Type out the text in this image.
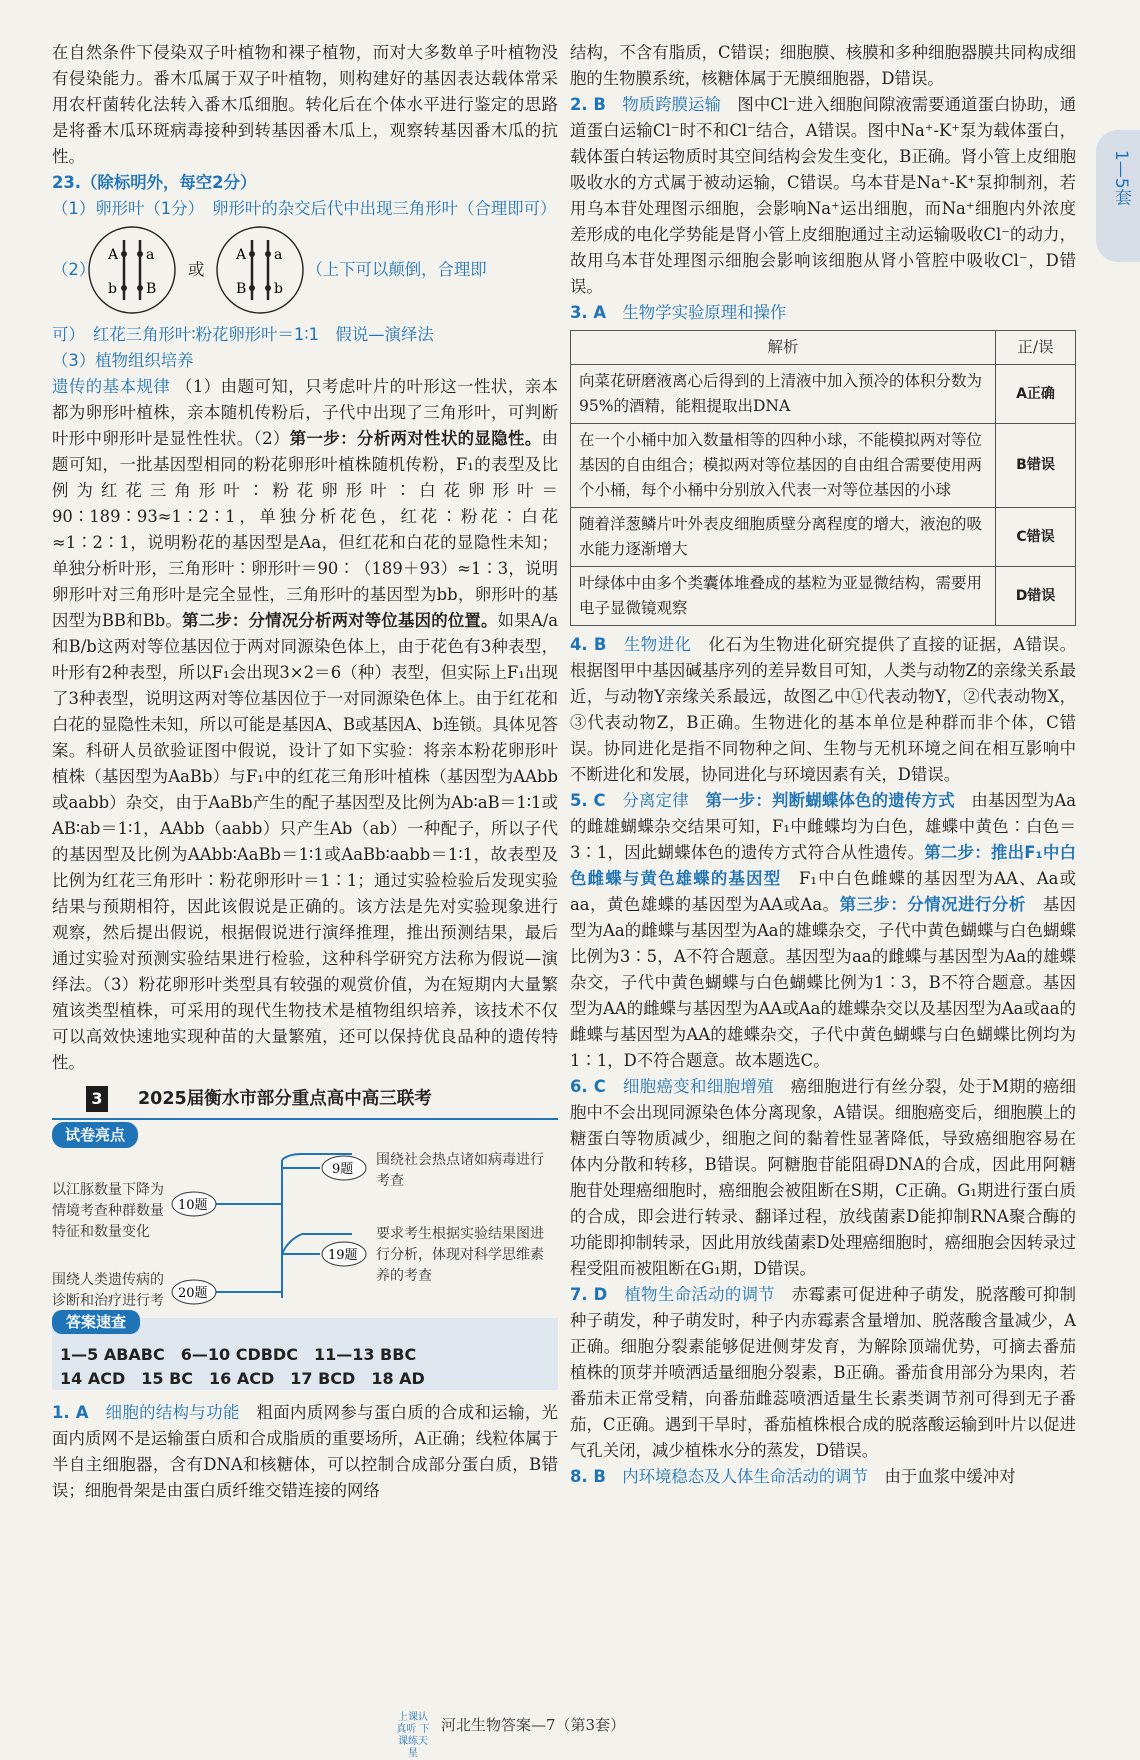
1—5套

在自然条件下侵染双子叶植物和裸子植物，而对大多数单子叶植物没有侵染能力。番木瓜属于双子叶植物，则构建好的基因表达载体常采用农杆菌转化法转入番木瓜细胞。转化后在个体水平进行鉴定的思路是将番木瓜环斑病毒接种到转基因番木瓜上，观察转基因番木瓜的抗性。

23.（除标明外，每空2分）

（1）卵形叶（1分）　卵形叶的杂交后代中出现三角形叶（合理即可）

（2）
A a
b B
或
A a
B b
（上下可以颠倒，合理即

可）　红花三角形叶∶粉花卵形叶＝1∶1　假说—演绎法

（3）植物组织培养

遗传的基本规律 （1）由题可知，只考虑叶片的叶形这一性状，亲本都为卵形叶植株，亲本随机传粉后，子代中出现了三角形叶，可判断叶形中卵形叶是显性性状。（2）第一步：分析两对性状的显隐性。由题可知，一批基因型相同的粉花卵形叶植株随机传粉，F₁的表型及比例为红花三角形叶∶粉花卵形叶∶白花卵形叶＝90∶189∶93≈1∶2∶1，单独分析花色，红花∶粉花∶白花≈1∶2∶1，说明粉花的基因型是Aa，但红花和白花的显隐性未知；单独分析叶形，三角形叶∶卵形叶＝90∶（189＋93）≈1∶3，说明卵形叶对三角形叶是完全显性，三角形叶的基因型为bb，卵形叶的基因型为BB和Bb。第二步：分情况分析两对等位基因的位置。如果A/a和B/b这两对等位基因位于两对同源染色体上，由于花色有3种表型，叶形有2种表型，所以F₁会出现3×2＝6（种）表型，但实际上F₁出现了3种表型，说明这两对等位基因位于一对同源染色体上。由于红花和白花的显隐性未知，所以可能是基因A、B或基因A、b连锁。具体见答案。科研人员欲验证图中假说，设计了如下实验：将亲本粉花卵形叶植株（基因型为AaBb）与F₁中的红花三角形叶植株（基因型为AAbb或aabb）杂交，由于AaBb产生的配子基因型及比例为Ab∶aB＝1∶1或AB∶ab＝1∶1，AAbb（aabb）只产生Ab（ab）一种配子，所以子代的基因型及比例为AAbb∶AaBb＝1∶1或AaBb∶aabb＝1∶1，故表型及比例为红花三角形叶∶粉花卵形叶＝1∶1；通过实验检验后发现实验结果与预期相符，因此该假说是正确的。该方法是先对实验现象进行观察，然后提出假说，根据假说进行演绎推理，推出预测结果，最后通过实验对预测实验结果进行检验，这种科学研究方法称为假说—演绎法。（3）粉花卵形叶类型具有较强的观赏价值，为在短期内大量繁殖该类型植株，可采用的现代生物技术是植物组织培养，该技术不仅可以高效快速地实现种苗的大量繁殖，还可以保持优良品种的遗传特性。

3	2025届衡水市部分重点高中高三联考
试卷亮点
9题
10题
19题
20题
围绕社会热点诸如病毒进行考查
以江豚数量下降为情境考查种群数量特征和数量变化	要求考生根据实验结果图进行分析，体现对科学思维素养的考查
围绕人类遗传病的诊断和治疗进行考
答案速查
1—5 ABABC　6—10 CDBDC　11—13 BBC
14 ACD　15 BC　16 ACD　17 BCD　18 AD

1. A　 细胞的结构与功能　 粗面内质网参与蛋白质的合成和运输，光面内质网不是运输蛋白质和合成脂质的重要场所，A正确；线粒体属于半自主细胞器，含有DNA和核糖体，可以控制合成部分蛋白质，B错误；细胞骨架是由蛋白质纤维交错连接的网络

结构，不含有脂质，C错误；细胞膜、核膜和多种细胞器膜共同构成细胞的生物膜系统，核糖体属于无膜细胞器，D错误。

2. B　 物质跨膜运输　 图中Cl⁻进入细胞间隙液需要通道蛋白协助，通道蛋白运输Cl⁻时不和Cl⁻结合，A错误。图中Na⁺-K⁺泵为载体蛋白，载体蛋白转运物质时其空间结构会发生变化，B正确。肾小管上皮细胞吸收水的方式属于被动运输，C错误。乌本苷是Na⁺-K⁺泵抑制剂，若用乌本苷处理图示细胞，会影响Na⁺运出细胞，而Na⁺细胞内外浓度差形成的电化学势能是肾小管上皮细胞通过主动运输吸收Cl⁻的动力，故用乌本苷处理图示细胞会影响该细胞从肾小管腔中吸收Cl⁻，D错误。

3. A　 生物学实验原理和操作

解析	正/误
向菜花研磨液离心后得到的上清液中加入预冷的体积分数为95%的酒精，能粗提取出DNA	A正确
在一个小桶中加入数量相等的四种小球，不能模拟两对等位基因的自由组合；模拟两对等位基因的自由组合需要使用两个小桶，每个小桶中分别放入代表一对等位基因的小球	B错误
随着洋葱鳞片叶外表皮细胞质壁分离程度的增大，液泡的吸水能力逐渐增大	C错误
叶绿体中由多个类囊体堆叠成的基粒为亚显微结构，需要用电子显微镜观察	D错误

4. B　 生物进化　 化石为生物进化研究提供了直接的证据，A错误。根据图甲中基因碱基序列的差异数目可知，人类与动物Z的亲缘关系最近，与动物Y亲缘关系最远，故图乙中①代表动物Y，②代表动物X，③代表动物Z，B正确。生物进化的基本单位是种群而非个体，C错误。协同进化是指不同物种之间、生物与无机环境之间在相互影响中不断进化和发展，协同进化与环境因素有关，D错误。

5. C　 分离定律　 第一步：判断蝴蝶体色的遗传方式　 由基因型为Aa的雌雄蝴蝶杂交结果可知，F₁中雌蝶均为白色，雄蝶中黄色∶白色＝3∶1，因此蝴蝶体色的遗传方式符合从性遗传。第二步：推出F₁中白色雌蝶与黄色雄蝶的基因型　 F₁中白色雌蝶的基因型为AA、Aa或aa，黄色雄蝶的基因型为AA或Aa。第三步：分情况进行分析　 基因型为Aa的雌蝶与基因型为Aa的雄蝶杂交，子代中黄色蝴蝶与白色蝴蝶比例为3∶5，A不符合题意。基因型为aa的雌蝶与基因型为Aa的雄蝶杂交，子代中黄色蝴蝶与白色蝴蝶比例为1∶3，B不符合题意。基因型为AA的雌蝶与基因型为AA或Aa的雄蝶杂交以及基因型为Aa或aa的雌蝶与基因型为AA的雄蝶杂交，子代中黄色蝴蝶与白色蝴蝶比例均为1∶1，D不符合题意。故本题选C。

6. C　 细胞癌变和细胞增殖　 癌细胞进行有丝分裂，处于M期的癌细胞中不会出现同源染色体分离现象，A错误。细胞癌变后，细胞膜上的糖蛋白等物质减少，细胞之间的黏着性显著降低，导致癌细胞容易在体内分散和转移，B错误。阿糖胞苷能阻碍DNA的合成，因此用阿糖胞苷处理癌细胞时，癌细胞会被阻断在S期，C正确。G₁期进行蛋白质的合成，即会进行转录、翻译过程，放线菌素D能抑制RNA聚合酶的功能即抑制转录，因此用放线菌素D处理癌细胞时，癌细胞会因转录过程受阻而被阻断在G₁期，D错误。

7. D　 植物生命活动的调节　 赤霉素可促进种子萌发，脱落酸可抑制种子萌发，种子萌发时，种子内赤霉素含量增加、脱落酸含量减少，A正确。细胞分裂素能够促进侧芽发育，为解除顶端优势，可摘去番茄植株的顶芽并喷洒适量细胞分裂素，B正确。番茄食用部分为果肉，若番茄未正常受精，向番茄雌蕊喷洒适量生长素类调节剂可得到无子番茄，C正确。遇到干旱时，番茄植株根合成的脱落酸运输到叶片以促进气孔关闭，减少植株水分的蒸发，D错误。

8. B　 内环境稳态及人体生命活动的调节　 由于血浆中缓冲对

上课认真听 下课练天星
河北生物答案—7（第3套）
